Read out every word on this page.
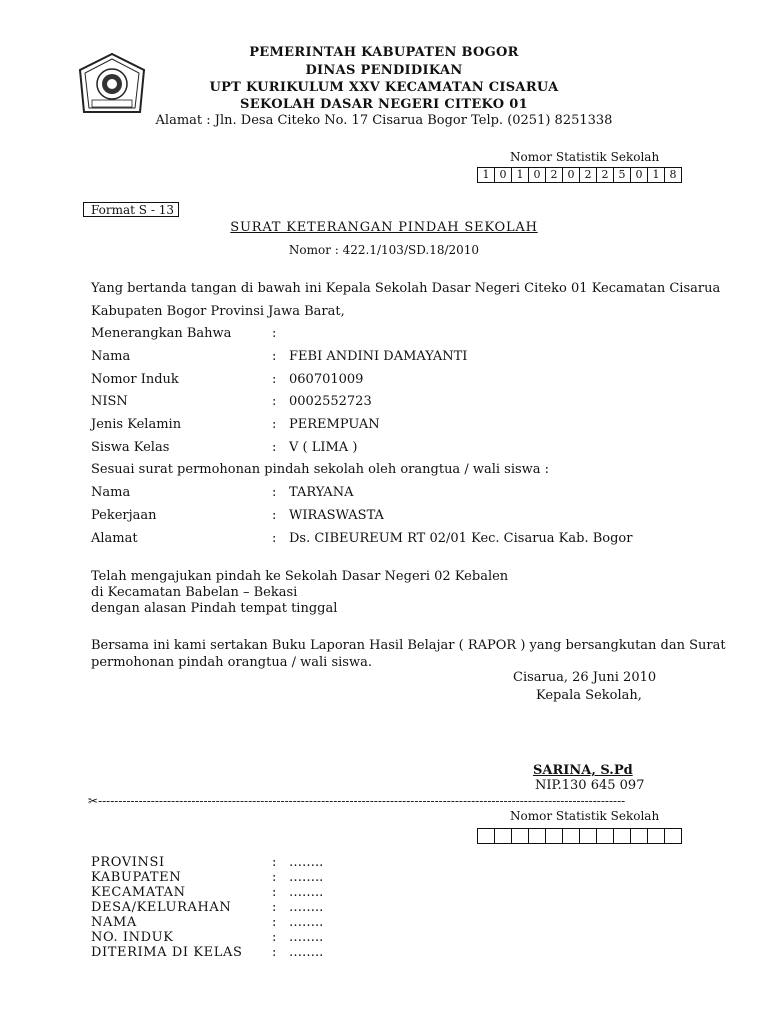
PEMERINTAH KABUPATEN BOGOR
DINAS PENDIDIKAN
UPT KURIKULUM XXV KECAMATAN CISARUA
SEKOLAH DASAR NEGERI CITEKO 01
Alamat : Jln. Desa Citeko No. 17 Cisarua Bogor Telp. (0251) 8251338
Nomor Statistik Sekolah
1 0 1 0 2 0 2 2 5 0 1 8
Format S - 13
SURAT KETERANGAN PINDAH SEKOLAH
Nomor : 422.1/103/SD.18/2010
Yang bertanda tangan di bawah ini Kepala Sekolah Dasar Negeri Citeko 01 Kecamatan Cisarua
Kabupaten Bogor Provinsi Jawa Barat,
Menerangkan Bahwa	:
Nama	: FEBI ANDINI DAMAYANTI
Nomor Induk	: 060701009
NISN	: 0002552723
Jenis Kelamin	: PEREMPUAN
Siswa Kelas	: V ( LIMA )
Sesuai surat permohonan pindah sekolah oleh orangtua / wali siswa :
Nama	: TARYANA
Pekerjaan	: WIRASWASTA
Alamat	: Ds. CIBEUREUM RT 02/01 Kec. Cisarua Kab. Bogor
Telah mengajukan pindah ke Sekolah Dasar Negeri 02 Kebalen
di Kecamatan Babelan – Bekasi
dengan alasan Pindah tempat tinggal
Bersama ini kami sertakan Buku Laporan Hasil Belajar ( RAPOR ) yang bersangkutan dan Surat
permohonan pindah orangtua / wali siswa.
Cisarua, 26 Juni 2010
Kepala Sekolah,
SARINA, S.Pd
NIP.130 645 097
✂----------------------------------------------------------------------------------------------------------------------------------
Nomor Statistik Sekolah
PROVINSI	: ……..
KABUPATEN	: ……..
KECAMATAN	: ……..
DESA/KELURAHAN	: ……..
NAMA	: ……..
NO. INDUK	: ……..
DITERIMA DI KELAS : ……..
